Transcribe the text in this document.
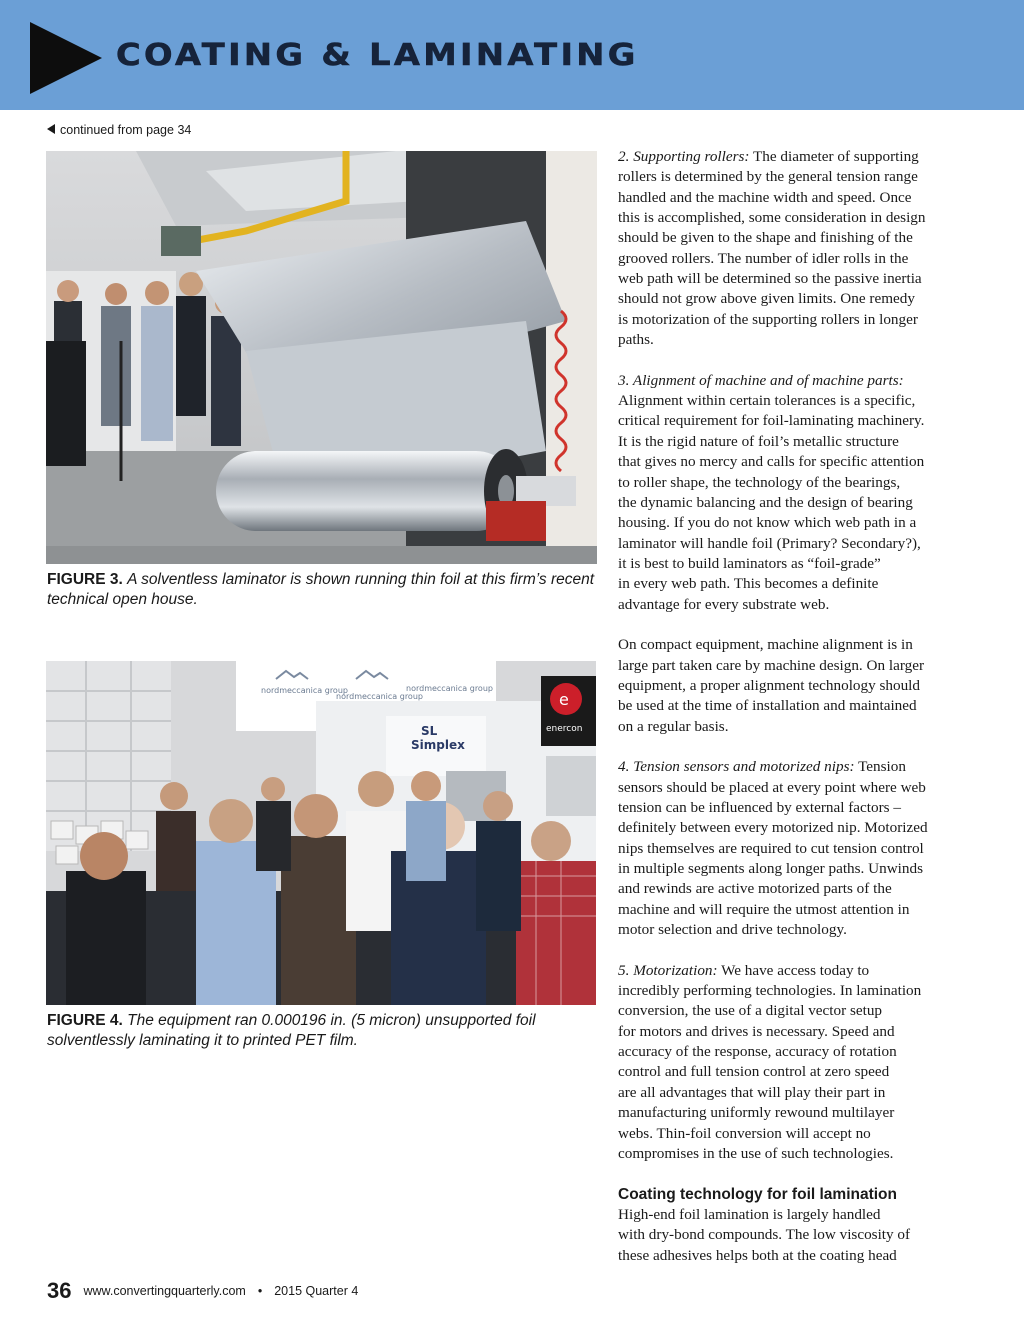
COATING & LAMINATING
continued from page 34
FIGURE 3. A solventless laminator is shown running thin foil at this firm’s recent technical open house.
nordmeccanica group
nordmeccanica group
nordmeccanica group
Simplex
SL
e
enercon
FIGURE 4. The equipment ran 0.000196 in. (5 micron) unsupported foil solventlessly laminating it to printed PET film.

2. Supporting rollers: The diameter of supporting
rollers is determined by the general tension range
handled and the machine width and speed. Once
this is accomplished, some consideration in design
should be given to the shape and finishing of the
grooved rollers. The number of idler rolls in the
web path will be determined so the passive inertia
should not grow above given limits. One remedy
is motorization of the supporting rollers in longer
paths.

3. Alignment of machine and of machine parts:
Alignment within certain tolerances is a specific,
critical requirement for foil-laminating machinery.
It is the rigid nature of foil’s metallic structure
that gives no mercy and calls for specific attention
to roller shape, the technology of the bearings,
the dynamic balancing and the design of bearing
housing. If you do not know which web path in a
laminator will handle foil (Primary? Secondary?),
it is best to build laminators as “foil-grade”
in every web path. This becomes a definite
advantage for every substrate web.

On compact equipment, machine alignment is in
large part taken care by machine design. On larger
equipment, a proper alignment technology should
be used at the time of installation and maintained
on a regular basis.

4. Tension sensors and motorized nips: Tension
sensors should be placed at every point where web
tension can be influenced by external factors –
definitely between every motorized nip. Motorized
nips themselves are required to cut tension control
in multiple segments along longer paths. Unwinds
and rewinds are active motorized parts of the
machine and will require the utmost attention in
motor selection and drive technology.

5. Motorization: We have access today to
incredibly performing technologies. In lamination
conversion, the use of a digital vector setup
for motors and drives is necessary. Speed and
accuracy of the response, accuracy of rotation
control and full tension control at zero speed
are all advantages that will play their part in
manufacturing uniformly rewound multilayer
webs. Thin-foil conversion will accept no
compromises in the use of such technologies.

Coating technology for foil lamination

High-end foil lamination is largely handled
with dry-bond compounds. The low viscosity of
these adhesives helps both at the coating head

36 www.convertingquarterly.com • 2015 Quarter 4
